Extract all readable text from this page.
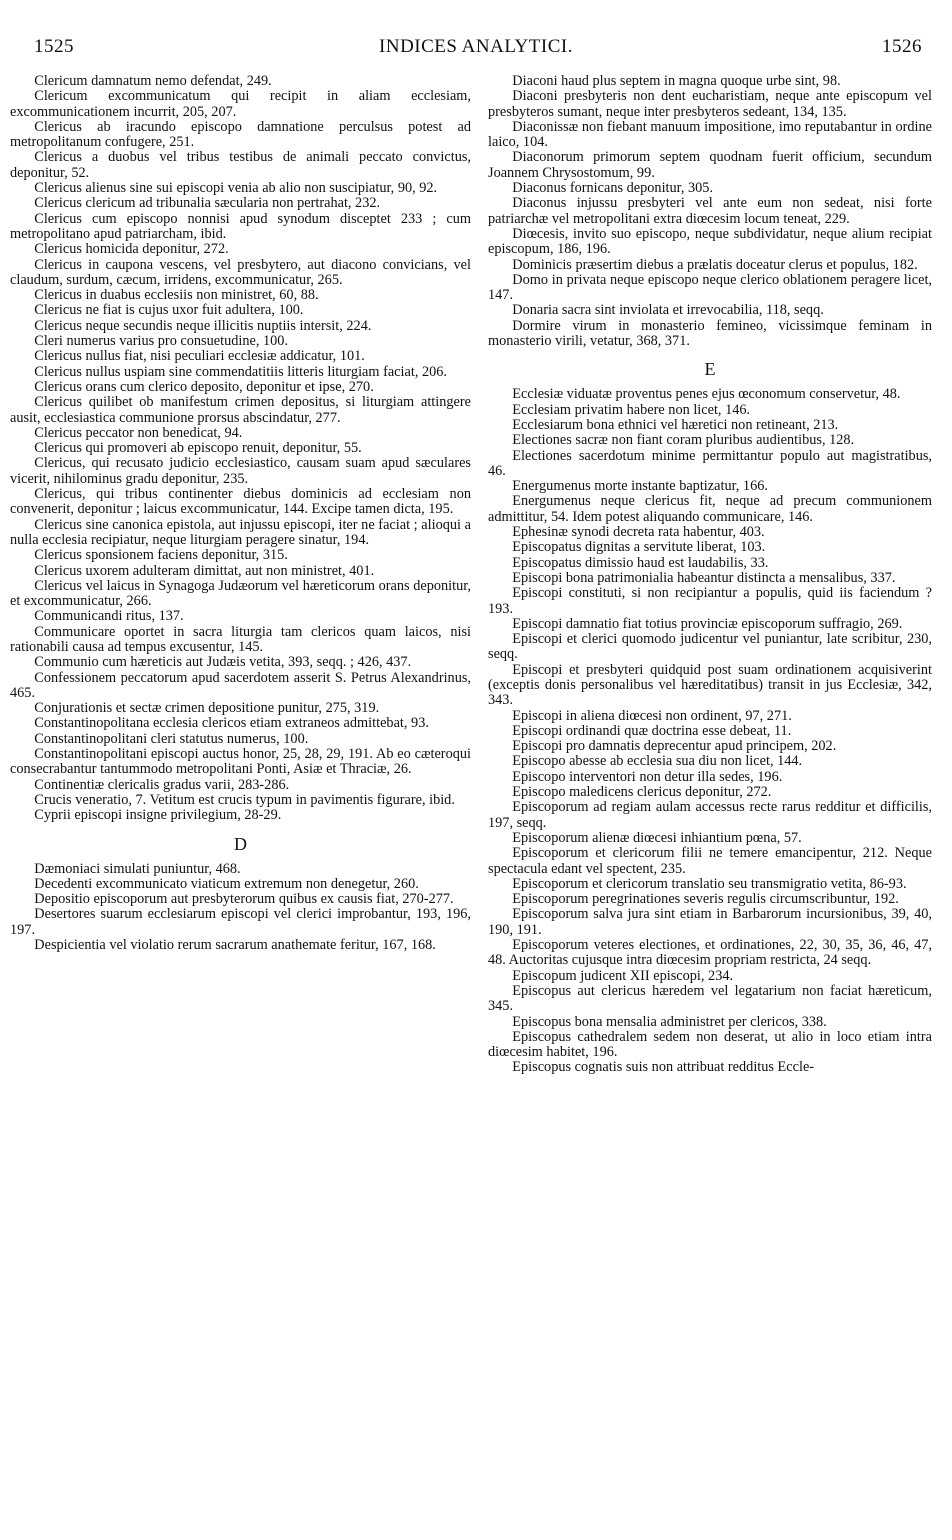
1525	INDICES ANALYTICI.	1526

Clericum damnatum nemo defendat, 249.

Clericum excommunicatum qui recipit in aliam ecclesiam, excommunicationem incurrit, 205, 207.

Clericus ab iracundo episcopo damnatione perculsus potest ad metropolitanum confugere, 251.

Clericus a duobus vel tribus testibus de animali peccato convictus, deponitur, 52.

Clericus alienus sine sui episcopi venia ab alio non suscipiatur, 90, 92.

Clericus clericum ad tribunalia sæcularia non pertrahat, 232.

Clericus cum episcopo nonnisi apud synodum disceptet 233 ; cum metropolitano apud patriarcham, ibid.

Clericus homicida deponitur, 272.

Clericus in caupona vescens, vel presbytero, aut diacono convicians, vel claudum, surdum, cæcum, irridens, excommunicatur, 265.

Clericus in duabus ecclesiis non ministret, 60, 88.

Clericus ne fiat is cujus uxor fuit adultera, 100.

Clericus neque secundis neque illicitis nuptiis intersit, 224.

Cleri numerus varius pro consuetudine, 100.

Clericus nullus fiat, nisi peculiari ecclesiæ addicatur, 101.

Clericus nullus uspiam sine commendatitiis litteris liturgiam faciat, 206.

Clericus orans cum clerico deposito, deponitur et ipse, 270.

Clericus quilibet ob manifestum crimen depositus, si liturgiam attingere ausit, ecclesiastica communione prorsus abscindatur, 277.

Clericus peccator non benedicat, 94.

Clericus qui promoveri ab episcopo renuit, deponitur, 55.

Clericus, qui recusato judicio ecclesiastico, causam suam apud sæculares vicerit, nihilominus gradu deponitur, 235.

Clericus, qui tribus continenter diebus dominicis ad ecclesiam non convenerit, deponitur ; laicus excommunicatur, 144. Excipe tamen dicta, 195.

Clericus sine canonica epistola, aut injussu episcopi, iter ne faciat ; alioqui a nulla ecclesia recipiatur, neque liturgiam peragere sinatur, 194.

Clericus sponsionem faciens deponitur, 315.

Clericus uxorem adulteram dimittat, aut non ministret, 401.

Clericus vel laicus in Synagoga Judæorum vel hæreticorum orans deponitur, et excommunicatur, 266.

Communicandi ritus, 137.

Communicare oportet in sacra liturgia tam clericos quam laicos, nisi rationabili causa ad tempus excusentur, 145.

Communio cum hæreticis aut Judæis vetita, 393, seqq. ; 426, 437.

Confessionem peccatorum apud sacerdotem asserit S. Petrus Alexandrinus, 465.

Conjurationis et sectæ crimen depositione punitur, 275, 319.

Constantinopolitana ecclesia clericos etiam extraneos admittebat, 93.

Constantinopolitani cleri statutus numerus, 100.

Constantinopolitani episcopi auctus honor, 25, 28, 29, 191. Ab eo cæteroqui consecrabantur tantummodo metropolitani Ponti, Asiæ et Thraciæ, 26.

Continentiæ clericalis gradus varii, 283-286.

Crucis veneratio, 7. Vetitum est crucis typum in pavimentis figurare, ibid.

Cyprii episcopi insigne privilegium, 28-29.

D

Dæmoniaci simulati puniuntur, 468.

Decedenti excommunicato viaticum extremum non denegetur, 260.

Depositio episcoporum aut presbyterorum quibus ex causis fiat, 270-277.

Desertores suarum ecclesiarum episcopi vel clerici improbantur, 193, 196, 197.

Despicientia vel violatio rerum sacrarum anathemate feritur, 167, 168.

Diaconi haud plus septem in magna quoque urbe sint, 98.

Diaconi presbyteris non dent eucharistiam, neque ante episcopum vel presbyteros sumant, neque inter presbyteros sedeant, 134, 135.

Diaconissæ non fiebant manuum impositione, imo reputabantur in ordine laico, 104.

Diaconorum primorum septem quodnam fuerit officium, secundum Joannem Chrysostomum, 99.

Diaconus fornicans deponitur, 305.

Diaconus injussu presbyteri vel ante eum non sedeat, nisi forte patriarchæ vel metropolitani extra diœcesim locum teneat, 229.

Diœcesis, invito suo episcopo, neque subdividatur, neque alium recipiat episcopum, 186, 196.

Dominicis præsertim diebus a prælatis doceatur clerus et populus, 182.

Domo in privata neque episcopo neque clerico oblationem peragere licet, 147.

Donaria sacra sint inviolata et irrevocabilia, 118, seqq.

Dormire virum in monasterio femineo, vicissimque feminam in monasterio virili, vetatur, 368, 371.

E

Ecclesiæ viduatæ proventus penes ejus œconomum conservetur, 48.

Ecclesiam privatim habere non licet, 146.

Ecclesiarum bona ethnici vel hæretici non retineant, 213.

Electiones sacræ non fiant coram pluribus audientibus, 128.

Electiones sacerdotum minime permittantur populo aut magistratibus, 46.

Energumenus morte instante baptizatur, 166.

Energumenus neque clericus fit, neque ad precum communionem admittitur, 54. Idem potest aliquando communicare, 146.

Ephesinæ synodi decreta rata habentur, 403.

Episcopatus dignitas a servitute liberat, 103.

Episcopatus dimissio haud est laudabilis, 33.

Episcopi bona patrimonialia habeantur distincta a mensalibus, 337.

Episcopi constituti, si non recipiantur a populis, quid iis faciendum ? 193.

Episcopi damnatio fiat totius provinciæ episcoporum suffragio, 269.

Episcopi et clerici quomodo judicentur vel puniantur, late scribitur, 230, seqq.

Episcopi et presbyteri quidquid post suam ordinationem acquisiverint (exceptis donis personalibus vel hæreditatibus) transit in jus Ecclesiæ, 342, 343.

Episcopi in aliena diœcesi non ordinent, 97, 271.

Episcopi ordinandi quæ doctrina esse debeat, 11.

Episcopi pro damnatis deprecentur apud principem, 202.

Episcopo abesse ab ecclesia sua diu non licet, 144.

Episcopo interventori non detur illa sedes, 196.

Episcopo maledicens clericus deponitur, 272.

Episcoporum ad regiam aulam accessus recte rarus redditur et difficilis, 197, seqq.

Episcoporum alienæ diœcesi inhiantium pœna, 57.

Episcoporum et clericorum filii ne temere emancipentur, 212. Neque spectacula edant vel spectent, 235.

Episcoporum et clericorum translatio seu transmigratio vetita, 86-93.

Episcoporum peregrinationes severis regulis circumscribuntur, 192.

Episcoporum salva jura sint etiam in Barbarorum incursionibus, 39, 40, 190, 191.

Episcoporum veteres electiones, et ordinationes, 22, 30, 35, 36, 46, 47, 48. Auctoritas cujusque intra diœcesim propriam restricta, 24 seqq.

Episcopum judicent XII episcopi, 234.

Episcopus aut clericus hæredem vel legatarium non faciat hæreticum, 345.

Episcopus bona mensalia administret per clericos, 338.

Episcopus cathedralem sedem non deserat, ut alio in loco etiam intra diœcesim habitet, 196.

Episcopus cognatis suis non attribuat redditus Eccle-
